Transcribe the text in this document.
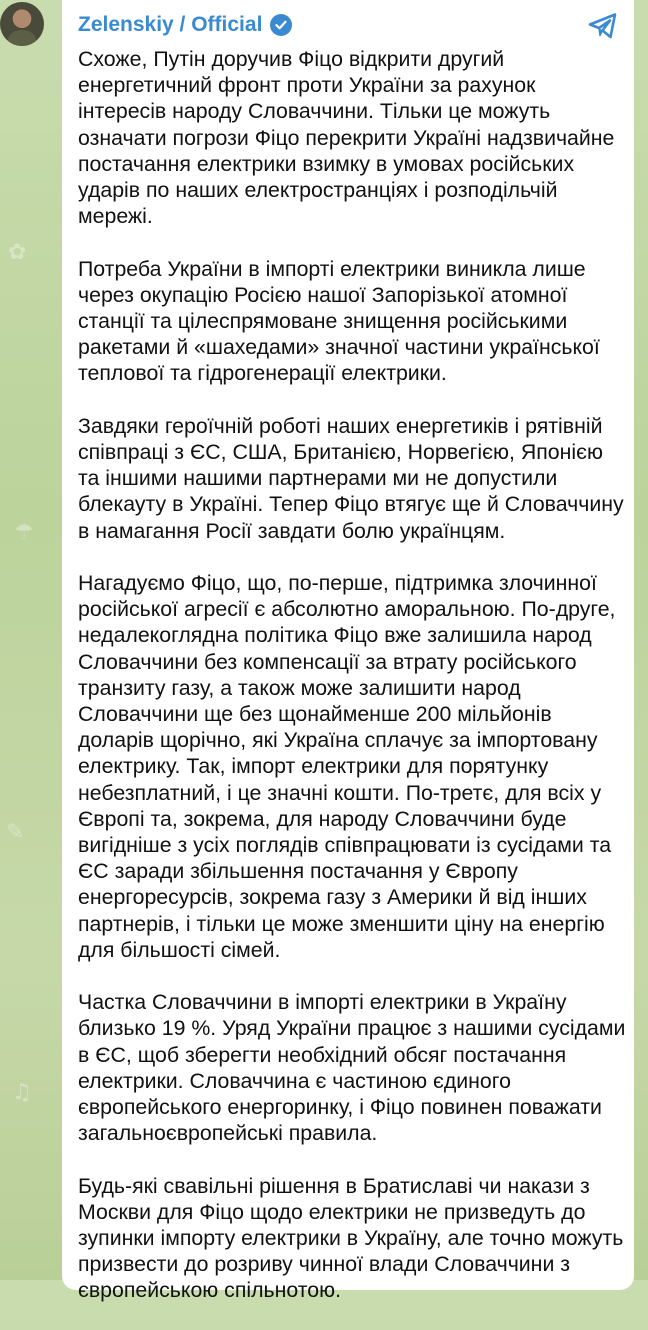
✿
☂
✎
♫
Zelenskiy / Official

Схоже, Путін доручив Фіцо відкрити другий енергетичний фронт проти України за рахунок інтересів народу Словаччини. Тільки це можуть означати погрози Фіцо перекрити Україні надзвичайне постачання електрики взимку в умовах російських ударів по наших електространціях і розподільчій мережі.

Потреба України в імпорті електрики виникла лише через окупацію Росією нашої Запорізької атомної станції та цілеспрямоване знищення російськими ракетами й «шахедами» значної частини української теплової та гідрогенерації електрики.

Завдяки героїчній роботі наших енергетиків і рятівній співпраці з ЄС, США, Британією, Норвегією, Японією та іншими нашими партнерами ми не допустили блекауту в Україні. Тепер Фіцо втягує ще й Словаччину в намагання Росії завдати болю українцям.

Нагадуємо Фіцо, що, по-перше, підтримка злочинної російської агресії є абсолютно аморальною. По-друге, недалекоглядна політика Фіцо вже залишила народ Словаччини без компенсації за втрату російського транзиту газу, а також може залишити народ Словаччини ще без щонайменше 200 мільйонів доларів щорічно, які Україна сплачує за імпортовану електрику. Так, імпорт електрики для порятунку небезплатний, і це значні кошти. По-третє, для всіх у Європі та, зокрема, для народу Словаччини буде вигідніше з усіх поглядів співпрацювати із сусідами та ЄС заради збільшення постачання у Європу енергоресурсів, зокрема газу з Америки й від інших партнерів, і тільки це може зменшити ціну на енергію для більшості сімей.

Частка Словаччини в імпорті електрики в Україну близько 19 %. Уряд України працює з нашими сусідами в ЄС, щоб зберегти необхідний обсяг постачання електрики. Словаччина є частиною єдиного європейського енергоринку, і Фіцо повинен поважати загальноєвропейські правила.

Будь-які свавільні рішення в Братиславі чи накази з Москви для Фіцо щодо електрики не призведуть до зупинки імпорту електрики в Україну, але точно можуть призвести до розриву чинної влади Словаччини з європейською спільнотою.
